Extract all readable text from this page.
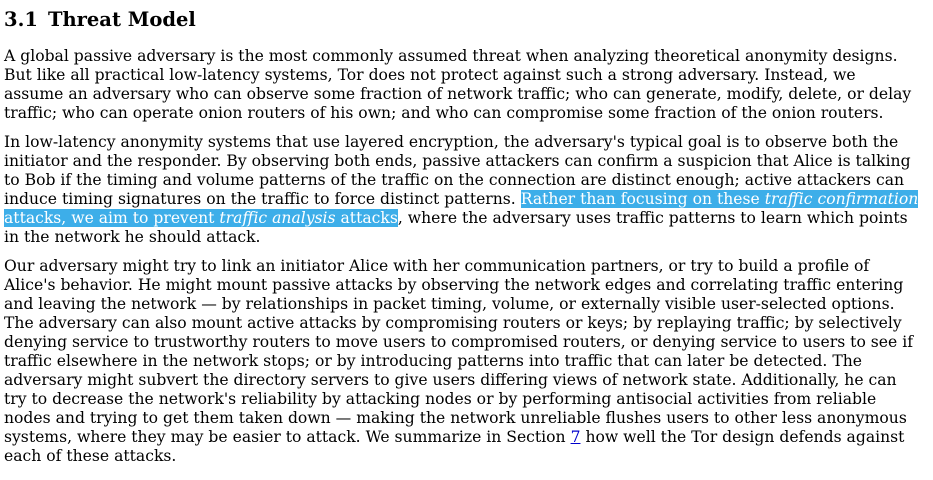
3.1 Threat Model

A global passive adversary is the most commonly assumed threat when analyzing theoretical anonymity designs.
But like all practical low-latency systems, Tor does not protect against such a strong adversary. Instead, we
assume an adversary who can observe some fraction of network traffic; who can generate, modify, delete, or delay
traffic; who can operate onion routers of his own; and who can compromise some fraction of the onion routers.

In low-latency anonymity systems that use layered encryption, the adversary's typical goal is to observe both the
initiator and the responder. By observing both ends, passive attackers can confirm a suspicion that Alice is talking
to Bob if the timing and volume patterns of the traffic on the connection are distinct enough; active attackers can
induce timing signatures on the traffic to force distinct patterns. Rather than focusing on these traffic confirmation
attacks, we aim to prevent traffic analysis attacks, where the adversary uses traffic patterns to learn which points
in the network he should attack.

Our adversary might try to link an initiator Alice with her communication partners, or try to build a profile of
Alice's behavior. He might mount passive attacks by observing the network edges and correlating traffic entering
and leaving the network — by relationships in packet timing, volume, or externally visible user-selected options.
The adversary can also mount active attacks by compromising routers or keys; by replaying traffic; by selectively
denying service to trustworthy routers to move users to compromised routers, or denying service to users to see if
traffic elsewhere in the network stops; or by introducing patterns into traffic that can later be detected. The
adversary might subvert the directory servers to give users differing views of network state. Additionally, he can
try to decrease the network's reliability by attacking nodes or by performing antisocial activities from reliable
nodes and trying to get them taken down — making the network unreliable flushes users to other less anonymous
systems, where they may be easier to attack. We summarize in Section 7 how well the Tor design defends against
each of these attacks.
